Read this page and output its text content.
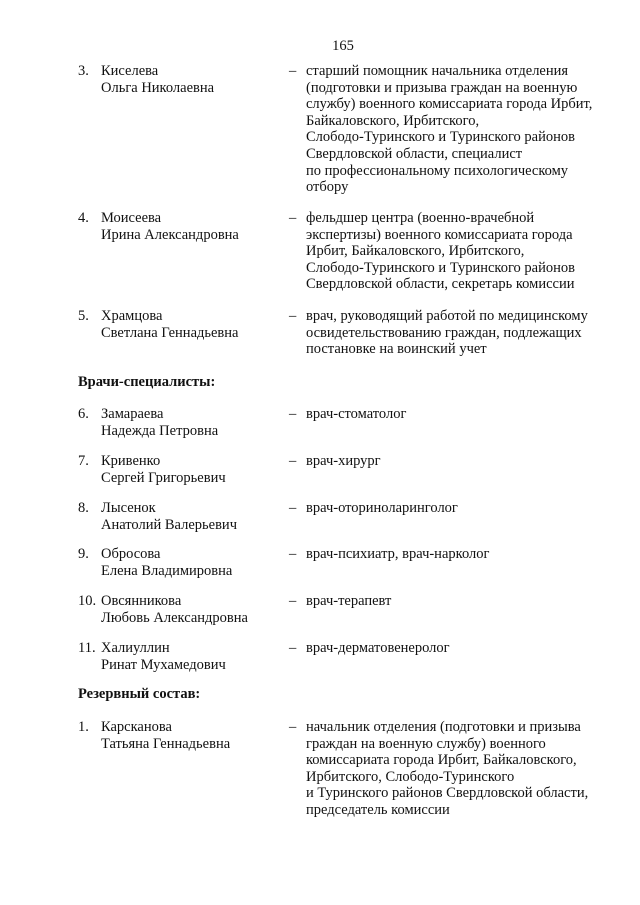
165
3. Киселева
Ольга Николаевна
– старший помощник начальника отделения
(подготовки и призыва граждан на военную
службу) военного комиссариата города Ирбит,
Байкаловского, Ирбитского,
Слободо-Туринского и Туринского районов
Свердловской области, специалист
по профессиональному психологическому
отбору
4. Моисеева
Ирина Александровна
– фельдшер центра (военно-врачебной
экспертизы) военного комиссариата города
Ирбит, Байкаловского, Ирбитского,
Слободо-Туринского и Туринского районов
Свердловской области, секретарь комиссии
5. Храмцова
Светлана Геннадьевна
– врач, руководящий работой по медицинскому
освидетельствованию граждан, подлежащих
постановке на воинский учет
Врачи-специалисты:
6. Замараева
Надежда Петровна
– врач-стоматолог
7. Кривенко
Сергей Григорьевич
– врач-хирург
8. Лысенок
Анатолий Валерьевич
– врач-оториноларинголог
9. Обросова
Елена Владимировна
– врач-психиатр, врач-нарколог
10. Овсянникова
Любовь Александровна
– врач-терапевт
11. Халиуллин
Ринат Мухамедович
– врач-дерматовенеролог
Резервный состав:
1. Карсканова
Татьяна Геннадьевна
– начальник отделения (подготовки и призыва
граждан на военную службу) военного
комиссариата города Ирбит, Байкаловского,
Ирбитского, Слободо-Туринского
и Туринского районов Свердловской области,
председатель комиссии
